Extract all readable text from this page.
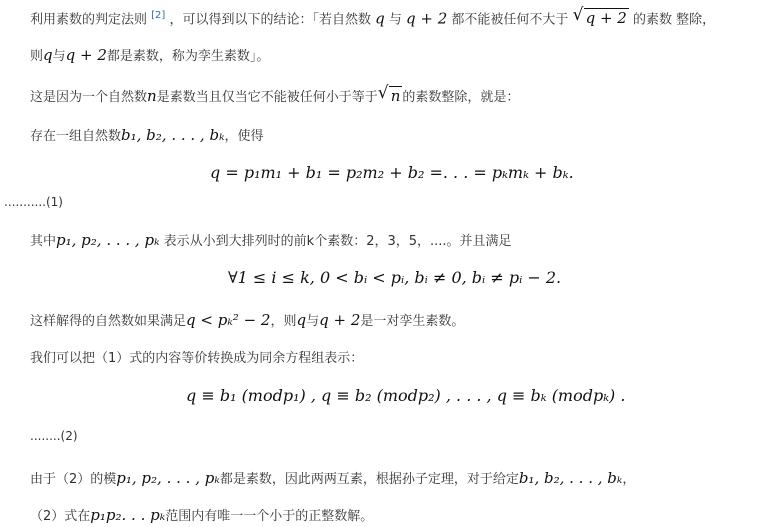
利用素数的判定法则 [2] ，可以得到以下的结论：「若自然数 q 与 q + 2 都不能被任何不大于 √ q + 2 的素数 整除，
则q与q + 2都是素数，称为孪生素数」。
这是因为一个自然数n是素数当且仅当它不能被任何小于等于 √ n 的素数整除，就是：
存在一组自然数b₁, b₂, . . . , bₖ，使得
q = p₁m₁ + b₁ = p₂m₂ + b₂ =. . . = pₖmₖ + bₖ.
...........(1)
其中p₁, p₂, . . . , pₖ 表示从小到大排列时的前k个素数：2，3，5，....。并且满足
∀1 ≤ i ≤ k, 0 < bᵢ < pᵢ, bᵢ ≠ 0, bᵢ ≠ pᵢ − 2.
这样解得的自然数如果满足q < pₖ² − 2，则q与q + 2是一对孪生素数。
我们可以把（1）式的内容等价转换成为同余方程组表示：
q ≡ b₁ (modp₁) , q ≡ b₂ (modp₂) , . . . , q ≡ bₖ (modpₖ) .
........(2)
由于（2）的模p₁, p₂, . . . , pₖ都是素数，因此两两互素，根据孙子定理，对于给定b₁, b₂, . . . , bₖ，
（2）式在p₁p₂. . . pₖ范围内有唯一一个小于的正整数解。
